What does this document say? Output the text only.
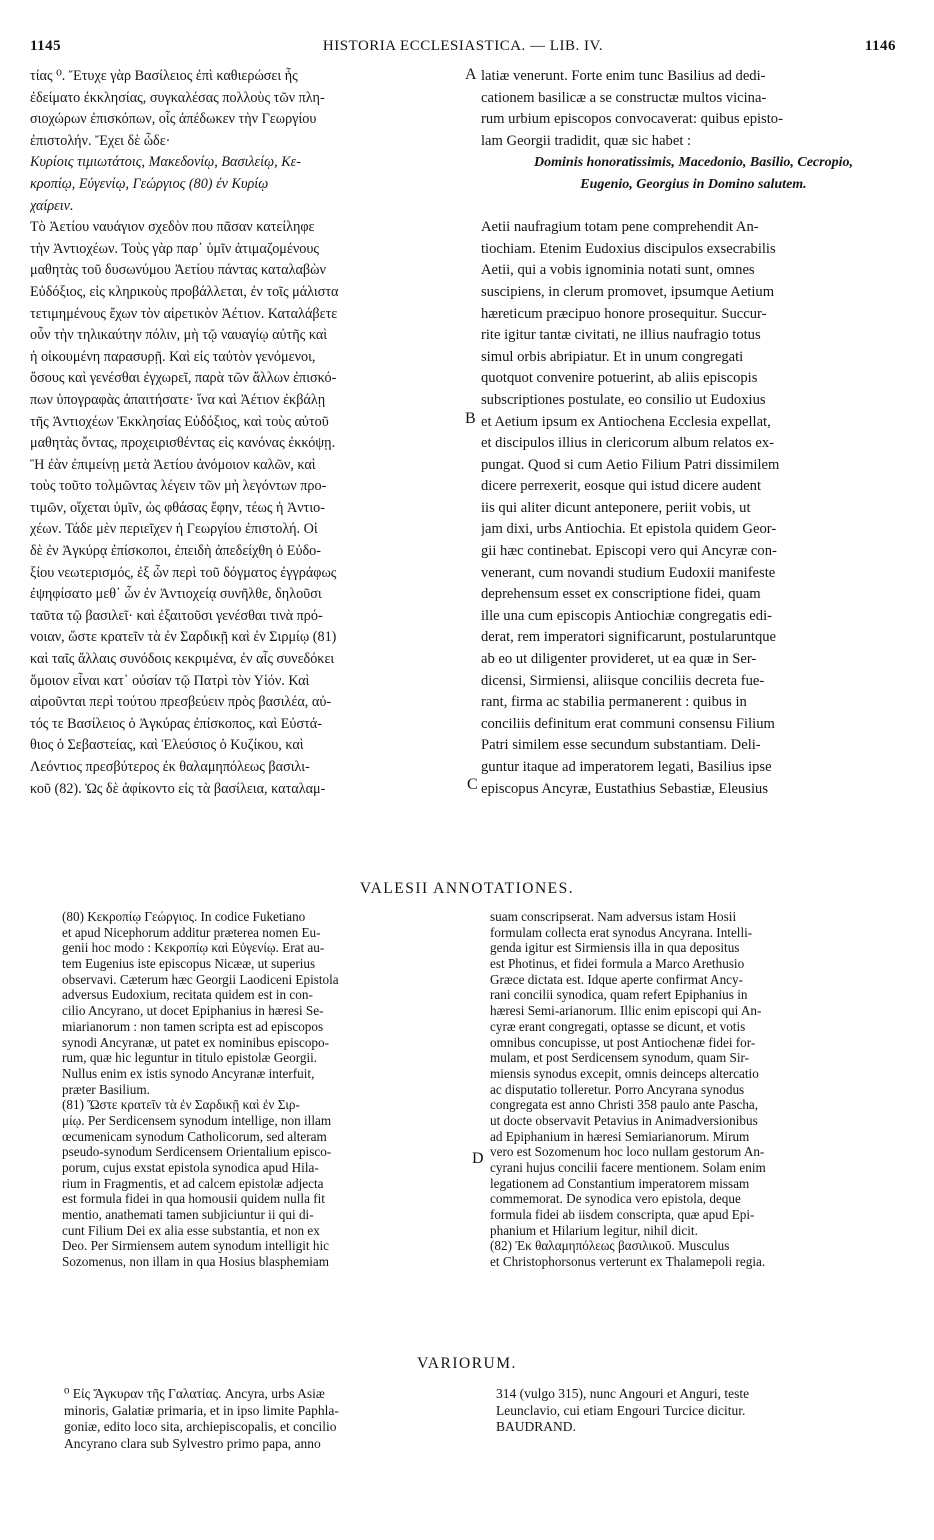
1145	HISTORIA ECCLESIASTICA. — LIB. IV.	1146
τίας ⁰. Ἔτυχε γὰρ Βασίλειος ἐπὶ καθιερώσει ἧς
ἐδείματο ἐκκλησίας, συγκαλέσας πολλοὺς τῶν πλη-
σιοχώρων ἐπισκόπων, οἷς ἀπέδωκεν τὴν Γεωργίου
ἐπιστολήν. Ἔχει δὲ ὧδε·
Κυρίοις τιμιωτάτοις, Μακεδονίῳ, Βασιλείῳ, Κε-
κροπίῳ, Εὐγενίῳ, Γεώργιος (80) ἐν Κυρίῳ
χαίρειν.
Τὸ Ἀετίου ναυάγιον σχεδὸν που πᾶσαν κατείληφε
τὴν Ἀντιοχέων. Τοὺς γὰρ παρ᾽ ὑμῖν ἀτιμαζομένους
μαθητὰς τοῦ δυσωνύμου Ἀετίου πάντας καταλαβὼν
Εὐδόξιος, εἰς κληρικοὺς προβάλλεται, ἐν τοῖς μάλιστα
τετιμημένους ἔχων τὸν αἱρετικὸν Ἀέτιον. Καταλάβετε
οὖν τὴν τηλικαύτην πόλιν, μὴ τῷ ναυαγίῳ αὐτῆς καὶ
ἡ οἰκουμένη παρασυρῇ. Καὶ εἰς ταὐτὸν γενόμενοι,
ὅσους καὶ γενέσθαι ἐγχωρεῖ, παρὰ τῶν ἄλλων ἐπισκό-
πων ὑπογραφὰς ἀπαιτήσατε· ἵνα καὶ Ἀέτιον ἐκβάλῃ
τῆς Ἀντιοχέων Ἐκκλησίας Εὐδόξιος, καὶ τοὺς αὐτοῦ
μαθητὰς ὄντας, προχειρισθέντας εἰς κανόνας ἐκκόψῃ.
Ἢ ἐὰν ἐπιμείνῃ μετὰ Ἀετίου ἀνόμοιον καλῶν, καὶ
τοὺς τοῦτο τολμῶντας λέγειν τῶν μὴ λεγόντων προ-
τιμῶν, οἴχεται ὑμῖν, ὡς φθάσας ἔφην, τέως ἡ Ἀντιο-
χέων. Τάδε μὲν περιεῖχεν ἡ Γεωργίου ἐπιστολή. Οἱ
δὲ ἐν Ἀγκύρᾳ ἐπίσκοποι, ἐπειδὴ ἀπεδείχθη ὁ Εὐδο-
ξίου νεωτερισμός, ἐξ ὧν περὶ τοῦ δόγματος ἐγγράφως
ἐψηφίσατο μεθ᾽ ὧν ἐν Ἀντιοχείᾳ συνῆλθε, δηλοῦσι
ταῦτα τῷ βασιλεῖ· καὶ ἐξαιτοῦσι γενέσθαι τινὰ πρό-
νοιαν, ὥστε κρατεῖν τὰ ἐν Σαρδικῇ καὶ ἐν Σιρμίῳ (81)
καὶ ταῖς ἄλλαις συνόδοις κεκριμένα, ἐν αἷς συνεδόκει
ὅμοιον εἶναι κατ᾽ οὐσίαν τῷ Πατρὶ τὸν Υἱόν. Καὶ
αἱροῦνται περὶ τούτου πρεσβεύειν πρὸς βασιλέα, αὐ-
τός τε Βασίλειος ὁ Ἀγκύρας ἐπίσκοπος, καὶ Εὐστά-
θιος ὁ Σεβαστείας, καὶ Ἐλεύσιος ὁ Κυζίκου, καὶ
Λεόντιος πρεσβύτερος ἐκ θαλαμηπόλεως βασιλι-
κοῦ (82). Ὡς δὲ ἀφίκοντο εἰς τὰ βασίλεια, καταλαμ-
latiæ venerunt. Forte enim tunc Basilius ad dedi-
cationem basilicæ a se constructæ multos vicina-
rum urbium episcopos convocaverat: quibus episto-
lam Georgii tradidit, quæ sic habet :
Dominis honoratissimis, Macedonio, Basilio, Cecropio,
Eugenio, Georgius in Domino salutem.
Aetii naufragium totam pene comprehendit An-
tiochiam. Etenim Eudoxius discipulos exsecrabilis
Aetii, qui a vobis ignominia notati sunt, omnes
suscipiens, in clerum promovet, ipsumque Aetium
hæreticum præcipuo honore prosequitur. Succur-
rite igitur tantæ civitati, ne illius naufragio totus
simul orbis abripiatur. Et in unum congregati
quotquot convenire potuerint, ab aliis episcopis
subscriptiones postulate, eo consilio ut Eudoxius
et Aetium ipsum ex Antiochena Ecclesia expellat,
et discipulos illius in clericorum album relatos ex-
pungat. Quod si cum Aetio Filium Patri dissimilem
dicere perrexerit, eosque qui istud dicere audent
iis qui aliter dicunt anteponere, periit vobis, ut
jam dixi, urbs Antiochia. Et epistola quidem Geor-
gii hæc continebat. Episcopi vero qui Ancyræ con-
venerant, cum novandi studium Eudoxii manifeste
deprehensum esset ex conscriptione fidei, quam
ille una cum episcopis Antiochiæ congregatis edi-
derat, rem imperatori significarunt, postularuntque
ab eo ut diligenter provideret, ut ea quæ in Ser-
dicensi, Sirmiensi, aliisque conciliis decreta fue-
rant, firma ac stabilia permanerent : quibus in
conciliis definitum erat communi consensu Filium
Patri similem esse secundum substantiam. Deli-
guntur itaque ad imperatorem legati, Basilius ipse
episcopus Ancyræ, Eustathius Sebastiæ, Eleusius
A
B
C
D
VALESII ANNOTATIONES.
(80) Κεκροπίῳ Γεώργιος. In codice Fuketiano
et apud Nicephorum additur præterea nomen Eu-
genii hoc modo : Κεκροπίῳ καὶ Εὐγενίῳ. Erat au-
tem Eugenius iste episcopus Nicææ, ut superius
observavi. Cæterum hæc Georgii Laodiceni Epistola
adversus Eudoxium, recitata quidem est in con-
cilio Ancyrano, ut docet Epiphanius in hæresi Se-
miarianorum : non tamen scripta est ad episcopos
synodi Ancyranæ, ut patet ex nominibus episcopo-
rum, quæ hic leguntur in titulo epistolæ Georgii.
Nullus enim ex istis synodo Ancyranæ interfuit,
præter Basilium.
(81) Ὥστε κρατεῖν τὰ ἐν Σαρδικῇ καὶ ἐν Σιρ-
μίῳ. Per Serdicensem synodum intellige, non illam
œcumenicam synodum Catholicorum, sed alteram
pseudo-synodum Serdicensem Orientalium episco-
porum, cujus exstat epistola synodica apud Hila-
rium in Fragmentis, et ad calcem epistolæ adjecta
est formula fidei in qua homousii quidem nulla fit
mentio, anathemati tamen subjiciuntur ii qui di-
cunt Filium Dei ex alia esse substantia, et non ex
Deo. Per Sirmiensem autem synodum intelligit hic
Sozomenus, non illam in qua Hosius blasphemiam
suam conscripserat. Nam adversus istam Hosii
formulam collecta erat synodus Ancyrana. Intelli-
genda igitur est Sirmiensis illa in qua depositus
est Photinus, et fidei formula a Marco Arethusio
Græce dictata est. Idque aperte confirmat Ancy-
rani concilii synodica, quam refert Epiphanius in
hæresi Semi-arianorum. Illic enim episcopi qui An-
cyræ erant congregati, optasse se dicunt, et votis
omnibus concupisse, ut post Antiochenæ fidei for-
mulam, et post Serdicensem synodum, quam Sir-
miensis synodus excepit, omnis deinceps altercatio
ac disputatio tolleretur. Porro Ancyrana synodus
congregata est anno Christi 358 paulo ante Pascha,
ut docte observavit Petavius in Animadversionibus
ad Epiphanium in hæresi Semiarianorum. Mirum
vero est Sozomenum hoc loco nullam gestorum An-
cyrani hujus concilii facere mentionem. Solam enim
legationem ad Constantium imperatorem missam
commemorat. De synodica vero epistola, deque
formula fidei ab iisdem conscripta, quæ apud Epi-
phanium et Hilarium legitur, nihil dicit.
(82) Ἐκ θαλαμηπόλεως βασιλικοῦ. Musculus
et Christophorsonus verterunt ex Thalamepoli regia.
VARIORUM.
⁰ Εἰς Ἄγκυραν τῆς Γαλατίας. Ancyra, urbs Asiæ
minoris, Galatiæ primaria, et in ipso limite Paphla-
goniæ, edito loco sita, archiepiscopalis, et concilio
Ancyrano clara sub Sylvestro primo papa, anno
314 (vulgo 315), nunc Angouri et Anguri, teste
Leunclavio, cui etiam Engouri Turcice dicitur.
BAUDRAND.
